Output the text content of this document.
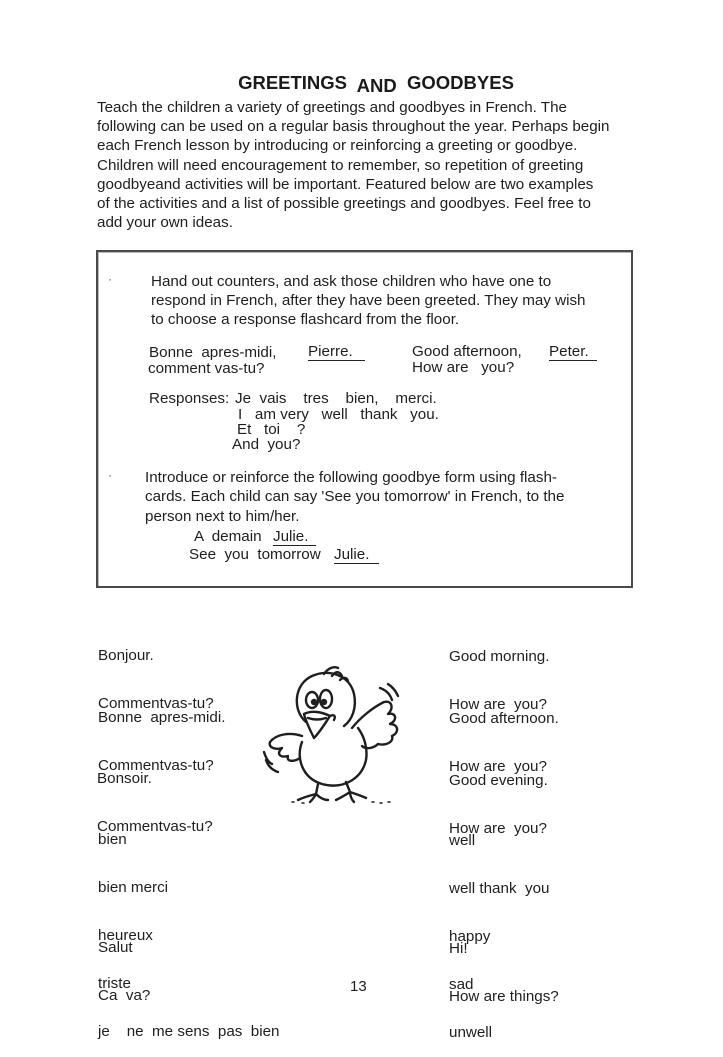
GREETINGS AND GOODBYES
Teach the children a variety of greetings and goodbyes in French. The
following can be used on a regular basis throughout the year. Perhaps begin
each French lesson by introducing or reinforcing a greeting or goodbye.
Children will need encouragement to remember, so repetition of greeting
goodbyeand activities will be important. Featured below are two examples
of the activities and a list of possible greetings and goodbyes. Feel free to
add your own ideas.
·	Hand out counters, and ask those children who have one to
respond in French, after they have been greeted. They may wish
to choose a response flashcard from the floor.
Bonne  apres-midi, Pierre.
comment vas-tu?
Good afternoon, Peter.
How are   you?
Responses: Je  vais    tres    bien,    merci.
I   am very   well   thank   you.
Et   toi    ?
And  you?
· Introduce or reinforce the following goodbye form using flash-
cards. Each child can say 'See you tomorrow' in French, to the
person next to him/her.
A  demain Julie.
See  you  tomorrow Julie.

Bonjour.

Commentvas-tu?

Bonne  apres-midi.

Commentvas-tu?

Bonsoir.

Commentvas-tu?

bien

bien merci

heureux

triste

je    ne  me sens  pas  bien

Salut

Ca  va?

Good morning.

How are  you?

Good afternoon.

How are  you?

Good evening.

How are  you?

well

well thank  you

happy

sad

unwell

Hi!

How are things?

13
